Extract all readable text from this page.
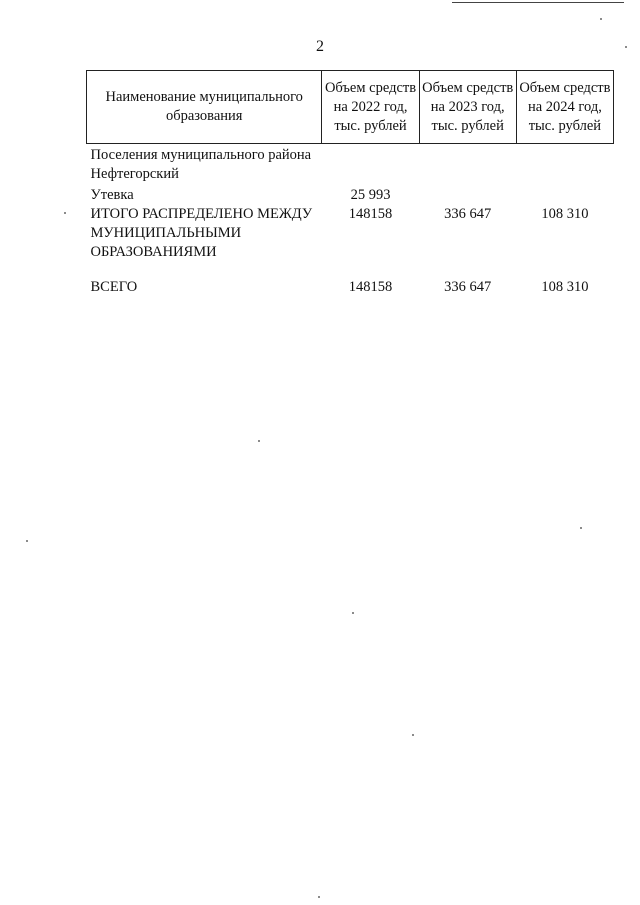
2
Наименование муниципального образования	Объем средств на 2022 год, тыс. рублей	Объем средств на 2023 год, тыс. рублей	Объем средств на 2024 год, тыс. рублей
Поселения муниципального района Нефтегорский			
Утевка	25 993		
ИТОГО РАСПРЕДЕЛЕНО МЕЖДУ МУНИЦИПАЛЬНЫМИ ОБРАЗОВАНИЯМИ	148158	336 647	108 310

ВСЕГО	148158	336 647	108 310
